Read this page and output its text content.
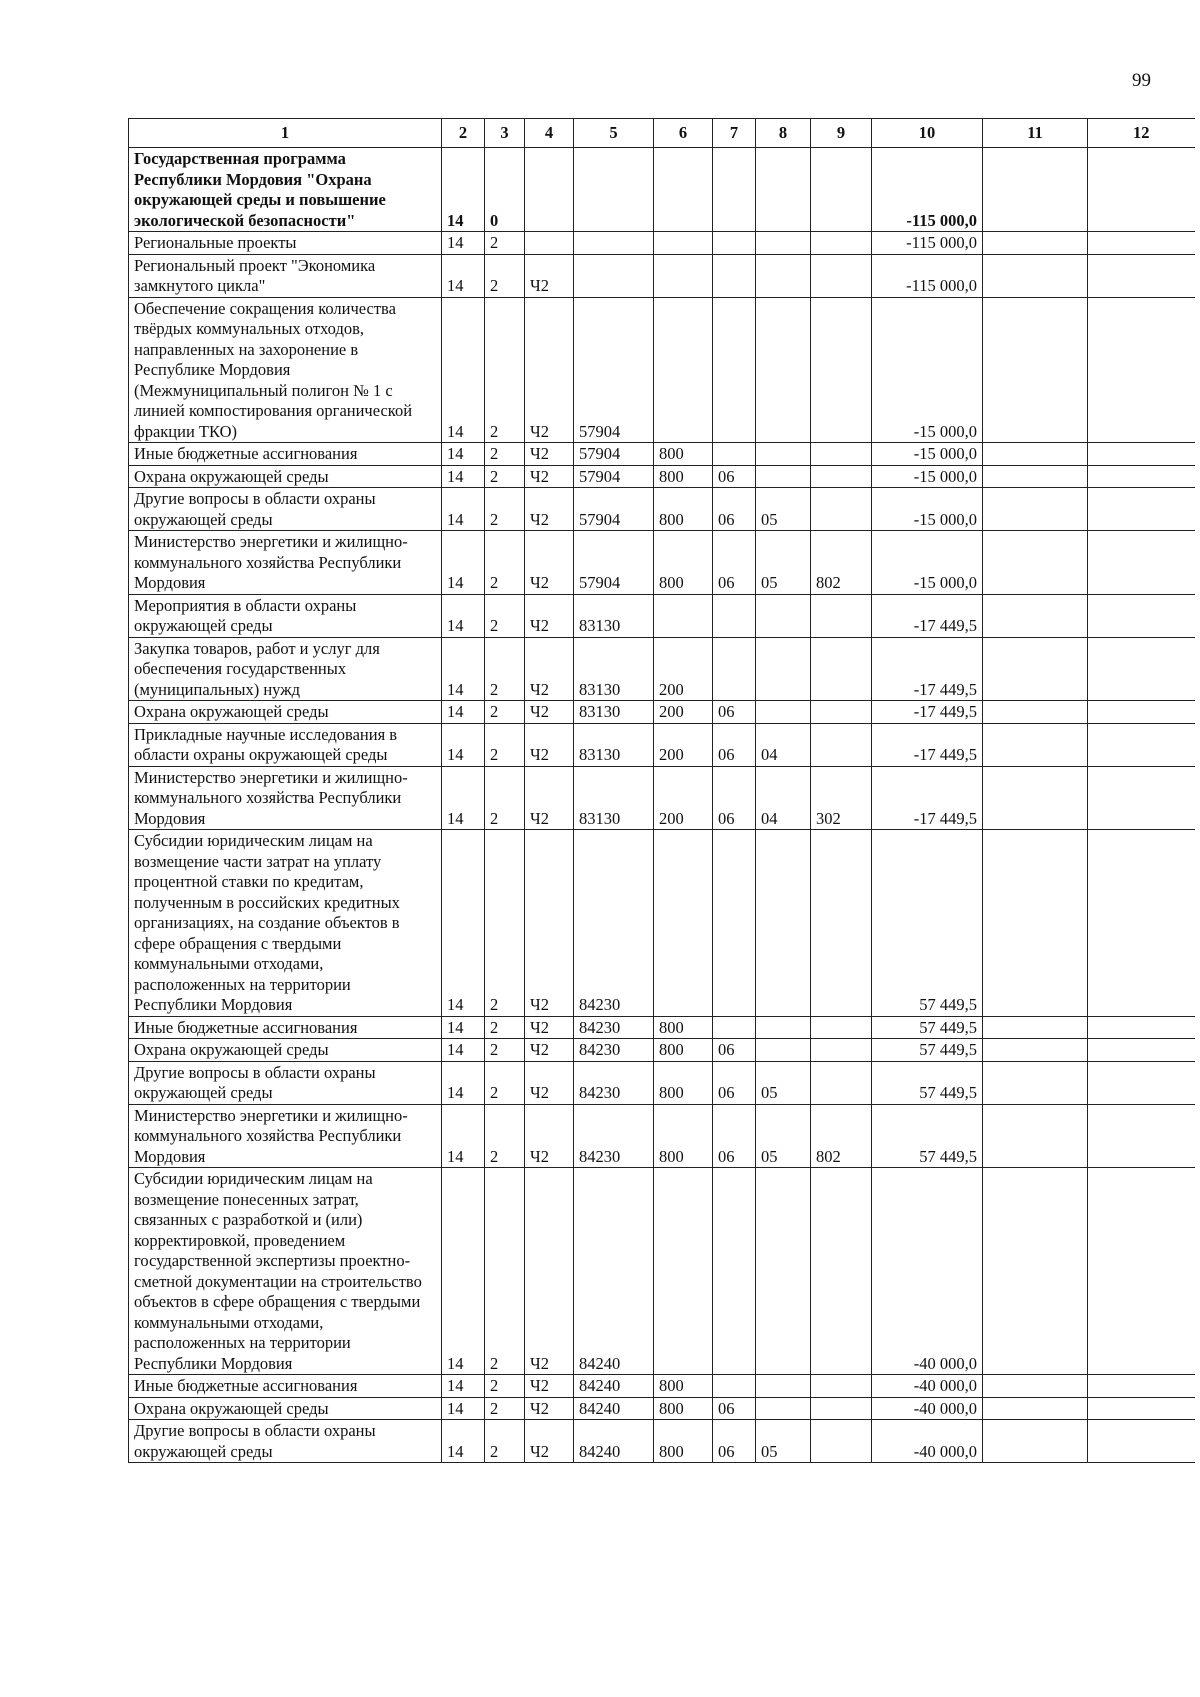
99
1	2	3	4	5	6	7	8	9	10	11	12
Государственная программа Республики Мордовия "Охрана окружающей среды и повышение экологической безопасности"	14	0							-115 000,0		
Региональные проекты	14	2							-115 000,0		
Региональный проект "Экономика замкнутого цикла"	14	2	Ч2						-115 000,0		
Обеспечение сокращения количества твёрдых коммунальных отходов, направленных на захоронение в Республике Мордовия (Межмуниципальный полигон № 1 с линией компостирования органической фракции ТКО)	14	2	Ч2	57904					-15 000,0		
Иные бюджетные ассигнования	14	2	Ч2	57904	800				-15 000,0		
Охрана окружающей среды	14	2	Ч2	57904	800	06			-15 000,0		
Другие вопросы в области охраны окружающей среды	14	2	Ч2	57904	800	06	05		-15 000,0		
Министерство энергетики и жилищно-коммунального хозяйства Республики Мордовия	14	2	Ч2	57904	800	06	05	802	-15 000,0		
Мероприятия в области охраны окружающей среды	14	2	Ч2	83130					-17 449,5		
Закупка товаров, работ и услуг для обеспечения государственных (муниципальных) нужд	14	2	Ч2	83130	200				-17 449,5		
Охрана окружающей среды	14	2	Ч2	83130	200	06			-17 449,5		
Прикладные научные исследования в области охраны окружающей среды	14	2	Ч2	83130	200	06	04		-17 449,5		
Министерство энергетики и жилищно-коммунального хозяйства Республики Мордовия	14	2	Ч2	83130	200	06	04	302	-17 449,5		
Субсидии юридическим лицам на возмещение части затрат на уплату процентной ставки по кредитам, полученным в российских кредитных организациях, на создание объектов в сфере обращения с твердыми коммунальными отходами, расположенных на территории Республики Мордовия	14	2	Ч2	84230					57 449,5		
Иные бюджетные ассигнования	14	2	Ч2	84230	800				57 449,5		
Охрана окружающей среды	14	2	Ч2	84230	800	06			57 449,5		
Другие вопросы в области охраны окружающей среды	14	2	Ч2	84230	800	06	05		57 449,5		
Министерство энергетики и жилищно-коммунального хозяйства Республики Мордовия	14	2	Ч2	84230	800	06	05	802	57 449,5		
Субсидии юридическим лицам на возмещение понесенных затрат, связанных с разработкой и (или) корректировкой, проведением государственной экспертизы проектно-сметной документации на строительство объектов в сфере обращения с твердыми коммунальными отходами, расположенных на территории Республики Мордовия	14	2	Ч2	84240					-40 000,0		
Иные бюджетные ассигнования	14	2	Ч2	84240	800				-40 000,0		
Охрана окружающей среды	14	2	Ч2	84240	800	06			-40 000,0		
Другие вопросы в области охраны окружающей среды	14	2	Ч2	84240	800	06	05		-40 000,0		
